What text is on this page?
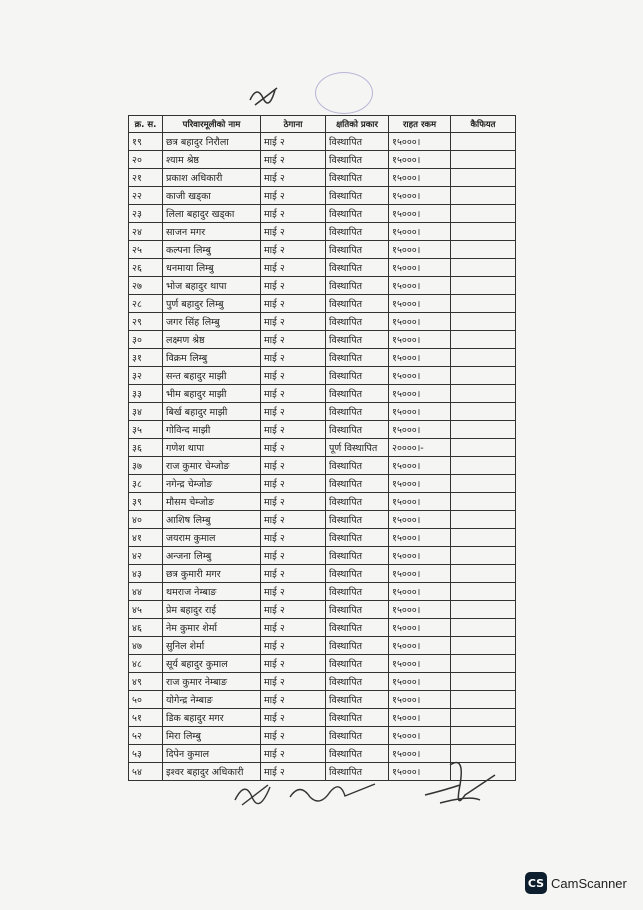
क्र. स.	परिवारमूलीको नाम	ठेगाना	क्षतिको प्रकार	राहत रकम	कैफियत
१९	छत्र बहादुर निरौला	माई २	विस्थापित	१५०००।	
२०	श्याम श्रेष्ठ	माई २	विस्थापित	१५०००।	
२१	प्रकाश अधिकारी	माई २	विस्थापित	१५०००।	
२२	काजी खड्का	माई २	विस्थापित	१५०००।	
२३	लिला बहादुर खड्का	माई २	विस्थापित	१५०००।	
२४	साजन मगर	माई २	विस्थापित	१५०००।	
२५	कल्पना लिम्बु	माई २	विस्थापित	१५०००।	
२६	धनमाया लिम्बु	माई २	विस्थापित	१५०००।	
२७	भोज बहादुर थापा	माई २	विस्थापित	१५०००।	
२८	पुर्ण बहादुर लिम्बु	माई २	विस्थापित	१५०००।	
२९	जगर सिंह लिम्बु	माई २	विस्थापित	१५०००।	
३०	लक्ष्मण श्रेष्ठ	माई २	विस्थापित	१५०००।	
३१	विक्रम लिम्बु	माई २	विस्थापित	१५०००।	
३२	सन्त बहादुर माझी	माई २	विस्थापित	१५०००।	
३३	भीम बहादुर माझी	माई २	विस्थापित	१५०००।	
३४	बिर्ख बहादुर माझी	माई २	विस्थापित	१५०००।	
३५	गोविन्द माझी	माई २	विस्थापित	१५०००।	
३६	गणेश थापा	माई २	पूर्ण विस्थापित	२००००।-	
३७	राज कुमार चेम्जोङ	माई २	विस्थापित	१५०००।	
३८	नगेन्द्र चेम्जोङ	माई २	विस्थापित	१५०००।	
३९	मौसम चेम्जोङ	माई २	विस्थापित	१५०००।	
४०	आशिष लिम्बु	माई २	विस्थापित	१५०००।	
४१	जयराम कुमाल	माई २	विस्थापित	१५०००।	
४२	अन्जना लिम्बु	माई २	विस्थापित	१५०००।	
४३	छत्र कुमारी मगर	माई २	विस्थापित	१५०००।	
४४	थमराज नेम्बाङ	माई २	विस्थापित	१५०००।	
४५	प्रेम बहादुर राई	माई २	विस्थापित	१५०००।	
४६	नेम कुमार शेर्मा	माई २	विस्थापित	१५०००।	
४७	सुनिल शेर्मा	माई २	विस्थापित	१५०००।	
४८	सूर्य बहादुर कुमाल	माई २	विस्थापित	१५०००।	
४९	राज कुमार नेम्बाङ	माई २	विस्थापित	१५०००।	
५०	योगेन्द्र नेम्बाङ	माई २	विस्थापित	१५०००।	
५१	डिक बहादुर मगर	माई २	विस्थापित	१५०००।	
५२	मिरा लिम्बु	माई २	विस्थापित	१५०००।	
५३	दिपेन कुमाल	माई २	विस्थापित	१५०००।	
५४	इश्वर बहादुर अधिकारी	माई २	विस्थापित	१५०००।	
CS CamScanner
